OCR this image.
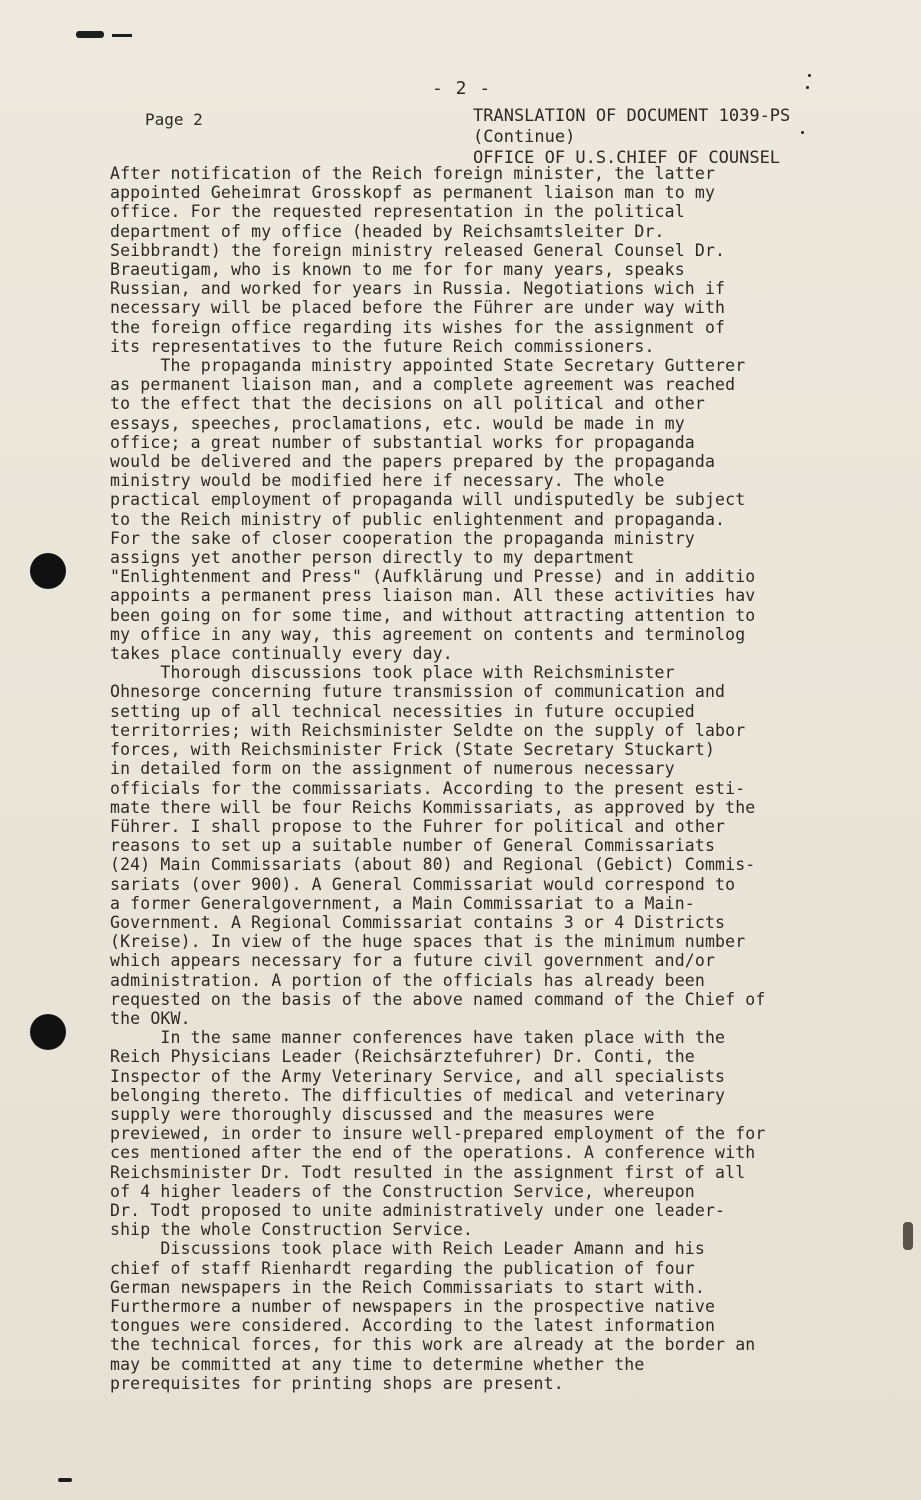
- 2 -
Page 2	TRANSLATION OF DOCUMENT 1039-PS
(Continue)
OFFICE OF U.S.CHIEF OF COUNSEL
After notification of the Reich foreign minister, the latter
appointed Geheimrat Grosskopf as permanent liaison man to my
office. For the requested representation in the political
department of my office (headed by Reichsamtsleiter Dr.
Seibbrandt) the foreign ministry released General Counsel Dr.
Braeutigam, who is known to me for for many years, speaks
Russian, and worked for years in Russia. Negotiations wich if
necessary will be placed before the Führer are under way with
the foreign office regarding its wishes for the assignment of
its representatives to the future Reich commissioners.
The propaganda ministry appointed State Secretary Gutterer
as permanent liaison man, and a complete agreement was reached
to the effect that the decisions on all political and other
essays, speeches, proclamations, etc. would be made in my
office; a great number of substantial works for propaganda
would be delivered and the papers prepared by the propaganda
ministry would be modified here if necessary. The whole
practical employment of propaganda will undisputedly be subject
to the Reich ministry of public enlightenment and propaganda.
For the sake of closer cooperation the propaganda ministry
assigns yet another person directly to my department
"Enlightenment and Press" (Aufklärung und Presse) and in additio
appoints a permanent press liaison man. All these activities hav
been going on for some time, and without attracting attention to
my office in any way, this agreement on contents and terminolog
takes place continually every day.
Thorough discussions took place with Reichsminister
Ohnesorge concerning future transmission of communication and
setting up of all technical necessities in future occupied
territorries; with Reichsminister Seldte on the supply of labor
forces, with Reichsminister Frick (State Secretary Stuckart)
in detailed form on the assignment of numerous necessary
officials for the commissariats. According to the present esti-
mate there will be four Reichs Kommissariats, as approved by the
Führer. I shall propose to the Fuhrer for political and other
reasons to set up a suitable number of General Commissariats
(24) Main Commissariats (about 80) and Regional (Gebict) Commis-
sariats (over 900). A General Commissariat would correspond to
a former Generalgovernment, a Main Commissariat to a Main-
Government. A Regional Commissariat contains 3 or 4 Districts
(Kreise). In view of the huge spaces that is the minimum number
which appears necessary for a future civil government and/or
administration. A portion of the officials has already been
requested on the basis of the above named command of the Chief of
the OKW.
In the same manner conferences have taken place with the
Reich Physicians Leader (Reichsärztefuhrer) Dr. Conti, the
Inspector of the Army Veterinary Service, and all specialists
belonging thereto. The difficulties of medical and veterinary
supply were thoroughly discussed and the measures were
previewed, in order to insure well-prepared employment of the for
ces mentioned after the end of the operations. A conference with
Reichsminister Dr. Todt resulted in the assignment first of all
of 4 higher leaders of the Construction Service, whereupon
Dr. Todt proposed to unite administratively under one leader-
ship the whole Construction Service.
Discussions took place with Reich Leader Amann and his
chief of staff Rienhardt regarding the publication of four
German newspapers in the Reich Commissariats to start with.
Furthermore a number of newspapers in the prospective native
tongues were considered. According to the latest information
the technical forces, for this work are already at the border an
may be committed at any time to determine whether the
prerequisites for printing shops are present.
